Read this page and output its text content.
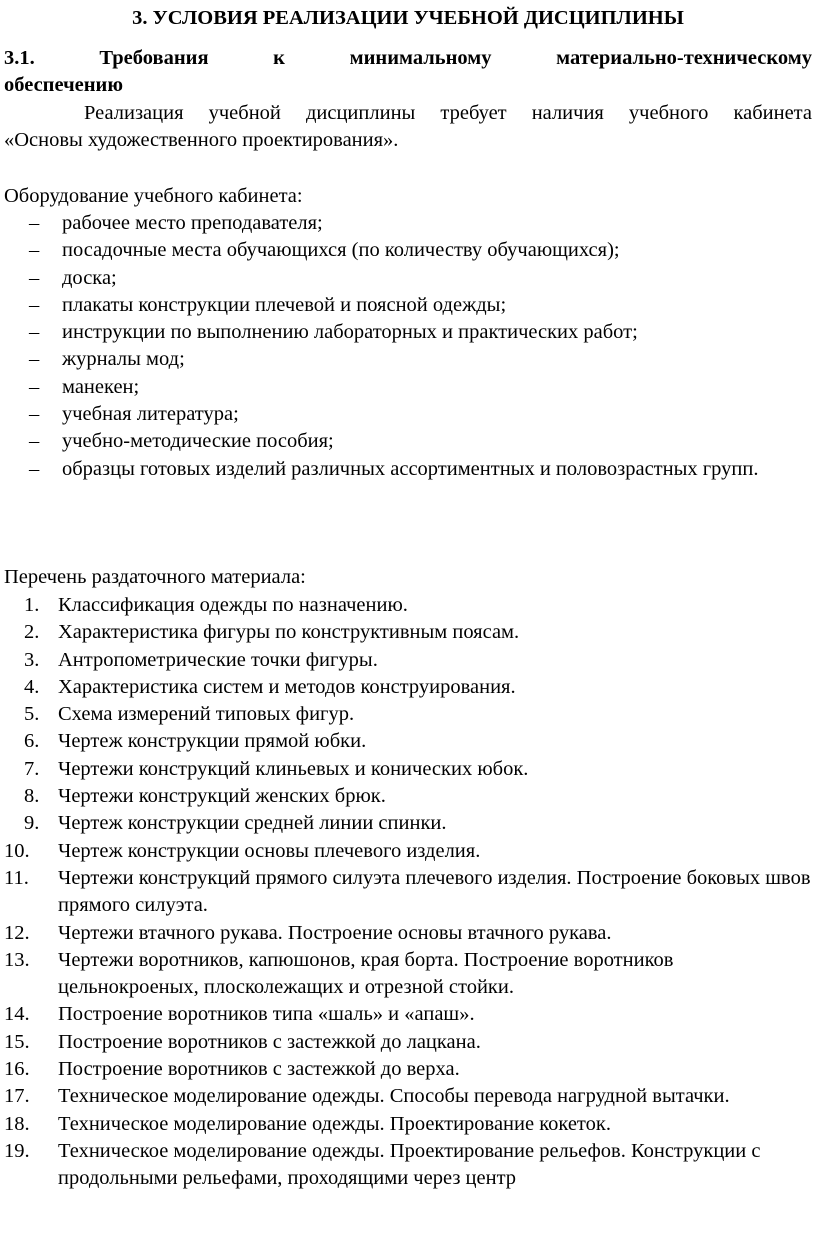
3. УСЛОВИЯ РЕАЛИЗАЦИИ УЧЕБНОЙ ДИСЦИПЛИНЫ
3.1. Требования к минимальному материально-техническому
обеспечению
Реализация учебной дисциплины требует наличия учебного кабинета
«Основы художественного проектирования».
Оборудование учебного кабинета:
– рабочее место преподавателя;
– посадочные места обучающихся (по количеству обучающихся);
– доска;
– плакаты конструкции плечевой и поясной одежды;
– инструкции по выполнению лабораторных и практических работ;
– журналы мод;
– манекен;
– учебная литература;
– учебно-методические пособия;
– образцы готовых изделий различных ассортиментных и половозрастных групп.
Перечень раздаточного материала:
1. Классификация одежды по назначению.
2. Характеристика фигуры по конструктивным поясам.
3. Антропометрические точки фигуры.
4. Характеристика систем и методов конструирования.
5. Схема измерений типовых фигур.
6. Чертеж конструкции прямой юбки.
7. Чертежи конструкций клиньевых и конических юбок.
8. Чертежи конструкций женских брюк.
9. Чертеж конструкции средней линии спинки.
10.	Чертеж конструкции основы плечевого изделия.
11.	Чертежи конструкций прямого силуэта плечевого изделия. Построение боковых швов прямого силуэта.
12.	Чертежи втачного рукава. Построение основы втачного рукава.
13.	Чертежи воротников, капюшонов, края борта. Построение воротников цельнокроеных, плосколежащих и отрезной стойки.
14.	Построение воротников типа «шаль» и «апаш».
15.	Построение воротников с застежкой до лацкана.
16.	Построение воротников с застежкой до верха.
17.	Техническое моделирование одежды. Способы перевода нагрудной вытачки.
18.	Техническое моделирование одежды. Проектирование кокеток.
19.	Техническое моделирование одежды. Проектирование рельефов. Конструкции с продольными рельефами, проходящими через центр
